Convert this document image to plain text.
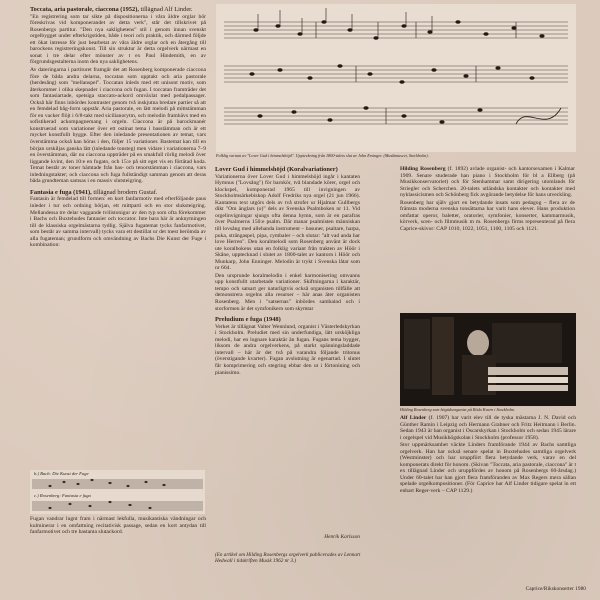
Toccata, aria pastorale, ciaccona (1952), tillägnad Alf Linder.

"En registrering som tar sikte på dispositionerna i våra äldre orglar bör föreskrivas vid komponerandet av detta verk", står det tillskrivet på Rosenbergs partitur. "Den nya saklighetens" stil i genom innan svenskt orgelbygget under efterkrigstiden, både i teori och praktik, och därmed följde ett ökat intresse för just bearbetat av våra äldre orglar och en återgång till barockens registreringskonst. Till sin struktur är detta orgelverk närmast en sonat i tre delar efter mönster av t ex Paul Hindemith, en av förgrundsgestalterna inom den nya saklighetens.

Av dateringarna i partituret framgår det att Rosenberg komponerade ciaccona före de båda andra delarna, toccatan som upptakt och aria pastorale (herdesång) som "mellanspel". Toccatan inleds med ett unisont motiv, som återkommer i olika skepnader i ciaccona och fugan. I toccatan framträder det som fantasiartade, spetsiga staccato-ackord omväxlat med pedalpassager. Också här finns inbördes kontraster genom två inskjutna bredare partier så att en femdelad båg-form uppstår. Aria pastorale, en lätt melodi på mittstämman för en vacker flöjt i 6/8-takt med sicilianorytm, och melodin framhävs med en sofistikerad ackompagnemang i orgeln. Ciaccona är på barockmanér konstruerad som variationer över ett ostinat tema i basstämman och är ett mycket konstfullt bygge. Efter den inledande presentationen av temat, vars överstämma också kan höras i den, följer 15 variationer. Bastemat kan till en början urskiljas ganska lätt (inledande tonsteg) men vidare i variationerna 7–9 en överstämman, där nu ciaccona uppträder på en smakfull rörlig melodi över liggande kvint, den 10:e en fugato, och 15:e på sitt eget vis en förtätad koda. Temat består av toner hämtade från bas- och tenorstämman i ciaccona, vars inledningstakter; och ciaccona och fuga fullständigt samman genom att deras båda grundteman samsas i en massiv slutsteigring.

Fantasia e fuga (1941), tillägnad brodern Gustaf.

Fantasin är femdelad till formen: en kort fanfarmotiv med efterföljande paus inleder i tur och ordning början, ett mittparti och en stor sluksteigring. Mellandessa tre delar vaggande tvilistonigur av den typ som ofta förekommer i Bachs och Buxtehudes fantasier och toccator. Inte bara här är anknytningen till de klassiska orgelmästarna tydlig. Själva fugatemat tycks fanfarmotivet, som består av samma intervall) tycks vara ett destillat ur det mest berömda av alla fugateman; grundform och omvändning av Bachs Die Kunst der Fuge i kombination:

b.) Bach: Die Kunst der Fuge
c.) Rosenberg: Fantasia e fuga

Fugan vandrar lugnt fram i närmast lekfulla, musikantiska vändningar och kulminerar i en omfattning recitativisk passage, sedan en kort antydan till fanfarmotivet och tre bastanta slutackord.

Folklig variant av "Lover Gud i himmelshöjd". Uppteckning från 1800-talets slut av John Ersinger. (Musikmuseet, Stockholm).
Lover Gud i himmelshöjd (Koralvariationer)

Variationerna över Lover Gud i himmelshöjd ingår i kantaten Hymnus ("Lovsång") för barnkör, två blandade körer, orgel och klockspel, komponerad 1965 till invigningen av Stockholmsärkebiskop Adolf Fredriks nya orgel (21 jun 1966). Kantatens text utgörs dels av två strofer ur Hjalmar Gullbergs dikt "Om änglars (o)" dels av Svenska Psalmboken nr 11. Vid orgelinvigningar sjungs ofta denna hymn, som är en parafras över Psalmerns 150:e psalm. Där manar psalmisten människan till lovsång med allehanda instrument – basuner, psaltare, harpa, puka, strängaspel, pipa, cymbaler – och slutar: "alt vad anda har love Herren". Den koralmelodi som Rosenberg använt är dock ute koralbokens utan en folklig variant från trakten av Höör i Skåne, upptecknad i slutet av 1800-talet av kantorn i Höör och Munkarp, John Enninger. Melodin är trykt i Svenska låtar som nr 664.

Den ursprunde koralmelodin i enkel harmonisering omvanns upp konstfullt utarbetade variationer. Skiftningarna i karaktär, tempo och satsart ger naturligtvis också organisten tillfälle att demonstrera orgelns alla resurser – här anas äter organisten Rosenberg. Men i "satsernas" inbördes sambaind och i storformen är det symfonikern som skymtar

Preludium e fuga (1948)

Verket är tillägnat Valter Wennlund, organist i Västerledskyrkan i Stockholm. Preludiet med sin underfundiga, lätt ursköjkliga melodi, har en lugnare karaktär än fugan. Fugans tema bygger, liksom de andra orgelverkens, på starkt spänningsladdade intervall – här är det två på varandra följande tritonus (överstigande kvarter). Fugan avslutning är egenartad. I slutet får komprimering och stegring ebbar den ut i förtonining och pianissimo.

Henrik Karlsson
(En artikel om Hilding Rosenbergs orgelverk publicerades av Lennart Hedwall i tidskriften Musik 1962 nr 3.)

Hilding Rosenberg (f. 1892) avlade organist- och kantorsexamen i Kalmar 1909. Senare studerade han piano i Stockholm för bl a Ellberg (på Musikkonservatoriet) och för Stenhammar samt dirigering utomlands för Striegler och Scherchen. 20-talets utländska kontakter och kontakter med nyklassicismen och Schönberg fick avgörande betydelse för hans utveckling.

Rosenberg har själv gjort en betydande insats som pedagog – flera av de främsta moderna svenska tonsättarna har varit hans elever. Hans produktion omfattar operor, baletter, oratorier, symfonier, konserter, kammarmusik, körverk, scen- och filmmusik m m. Rosenbergs firms representerad på flera Caprice-skivor: CAP 1010, 1022, 1051, 1100, 1105 och 1121.

Hilding Rosenberg som högtidsorganist på Röda Kvarn i Stockholm.

Alf Linder (f. 1907) har varit elev till de tyska mästarna J. N. David och Günther Ramin i Leipzig och Hermann Grabner och Fritz Heitmann i Berlin. Sedan 1943 är han organist i Oscarskyrkan i Stockholm och sedan 1945 lärare i orgelspel vid Musikhögskolan i Stockholm (professor 1958).

Stor uppmärksamhet väckte Linders framförande 1944 av Bachs samtliga orgelverk. Han har också senare spelat in Buxtehudes samtliga orgelverk (Westminster) och har uruppfört flera betydande verk, varav en del komponerats direkt för honom. (Skivan "Toccata, aria pastorale, ciaccona" är t ex tillägnad Linder och uruppfördes av honom på Rosenbergs 60-årsdag.) Under 60-talet har han gjort flera framföranden av Max Regers mera sällan spelade orgelkompositioner. (För Caprice har Alf Linder tidigare spelat in ett enbart Reger-verk – CAP 1129.)

Caprice/Rikskonserter 1980
